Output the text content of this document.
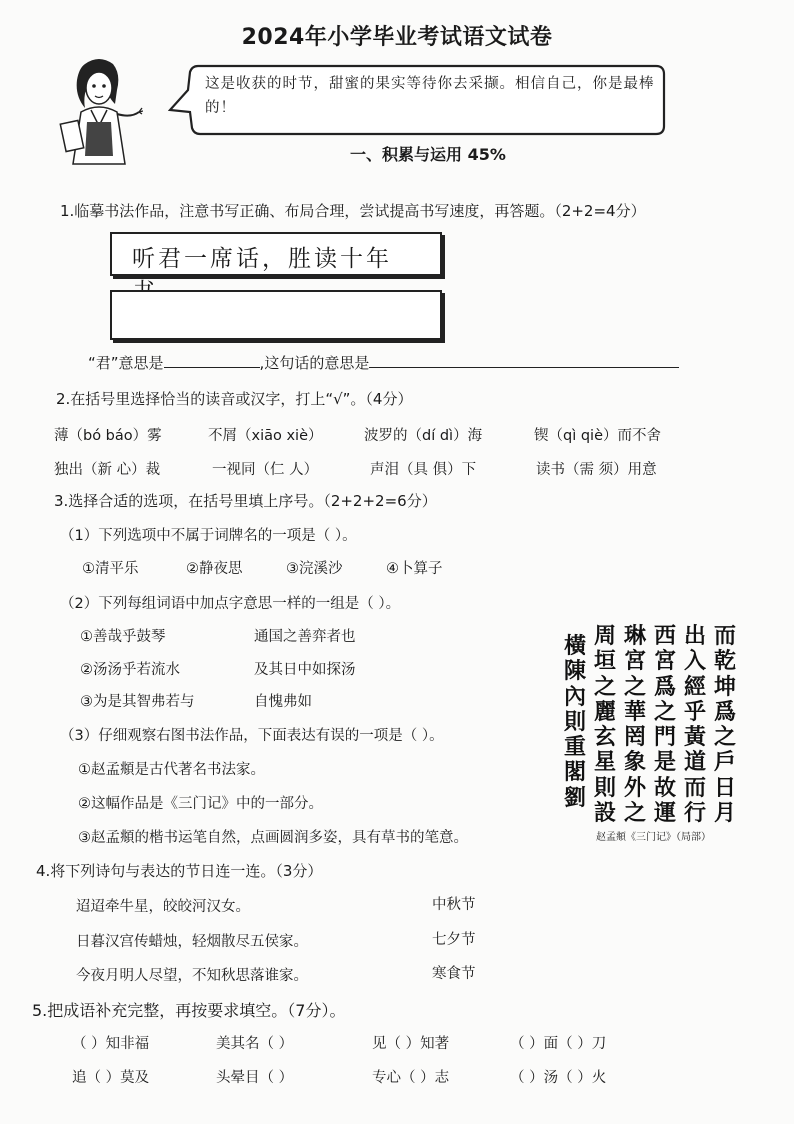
2024年小学毕业考试语文试卷
这是收获的时节，甜蜜的果实等待你去采撷。相信自己，你是最棒的！
一、积累与运用 45%
1.临摹书法作品，注意书写正确、布局合理，尝试提高书写速度，再答题。（2+2=4分）
听君一席话，胜读十年
“君”意思是	,这句话的意思是
2.在括号里选择恰当的读音或汉字，打上“√”。（4分）
薄（bó báo）雾	不屑（xiāo xiè）	波罗的（dí dì）海	锲（qì qiè）而不舍
独出（新 心）裁	一视同（仁 人）	声泪（具 俱）下	读书（需 须）用意
3.选择合适的选项，在括号里填上序号。（2+2+2=6分）
（1）下列选项中不属于词牌名的一项是（ ）。
①清平乐	②静夜思	③浣溪沙	④卜算子
（2）下列每组词语中加点字意思一样的一组是（ ）。
①善哉乎鼓琴	通国之善弈者也
②汤汤乎若流水	及其日中如探汤
③为是其智弗若与	自愧弗如
（3）仔细观察右图书法作品，下面表达有误的一项是（ ）。
①赵孟頫是古代著名书法家。
②这幅作品是《三门记》中的一部分。
③赵孟頫的楷书运笔自然，点画圆润多姿，具有草书的笔意。
而乾坤爲之戶日月
出入經乎黃道而行
西宮爲之門是故運
琳宮之華罔象外之
周垣之麗玄星則設
橫陳內則重閣劉
赵孟頫《三门记》（局部）
4.将下列诗句与表达的节日连一连。（3分）
迢迢牵牛星，皎皎河汉女。
日暮汉宫传蜡烛，轻烟散尽五侯家。
今夜月明人尽望，不知秋思落谁家。
中秋节
七夕节
寒食节
5.把成语补充完整，再按要求填空。（7分）。
（ ）知非福	美其名（ ）	见（ ）知著	（ ）面（ ）刀
追（ ）莫及	头晕目（ ）	专心（ ）志	（ ）汤（ ）火
